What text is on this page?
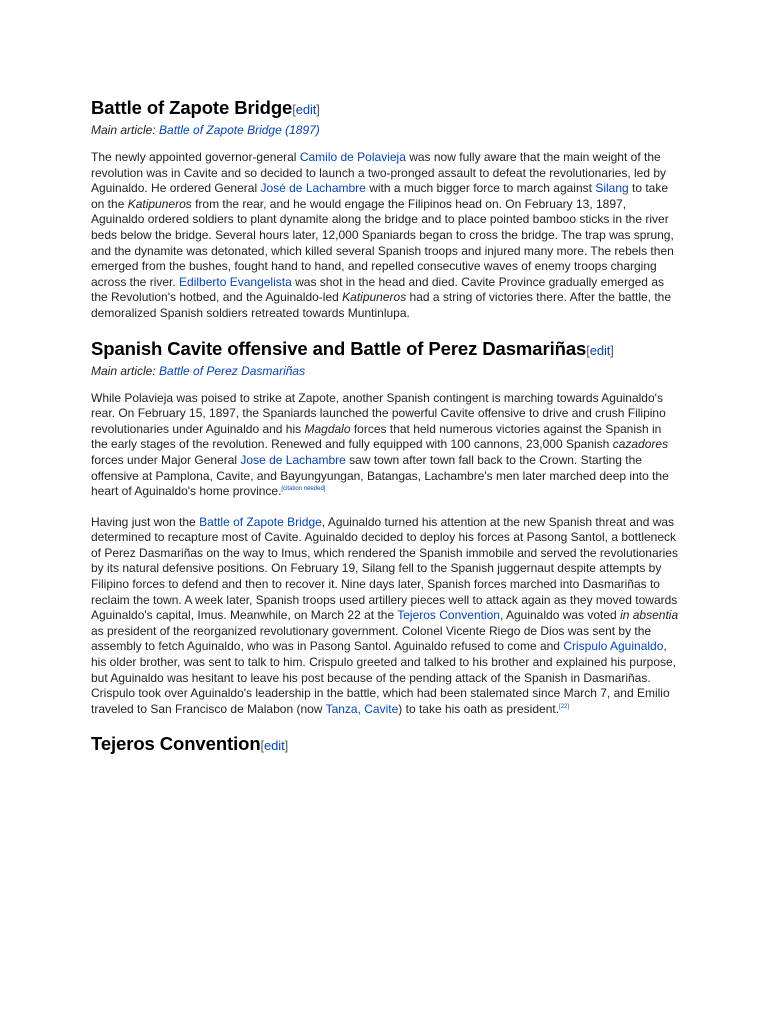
Battle of Zapote Bridge[edit]
Main article: Battle of Zapote Bridge (1897)

The newly appointed governor-general Camilo de Polavieja was now fully aware that the main weight of the revolution was in Cavite and so decided to launch a two-pronged assault to defeat the revolutionaries, led by Aguinaldo. He ordered General José de Lachambre with a much bigger force to march against Silang to take on the Katipuneros from the rear, and he would engage the Filipinos head on. On February 13, 1897, Aguinaldo ordered soldiers to plant dynamite along the bridge and to place pointed bamboo sticks in the river beds below the bridge. Several hours later, 12,000 Spaniards began to cross the bridge. The trap was sprung, and the dynamite was detonated, which killed several Spanish troops and injured many more. The rebels then emerged from the bushes, fought hand to hand, and repelled consecutive waves of enemy troops charging across the river. Edilberto Evangelista was shot in the head and died. Cavite Province gradually emerged as the Revolution's hotbed, and the Aguinaldo-led Katipuneros had a string of victories there. After the battle, the demoralized Spanish soldiers retreated towards Muntinlupa.

Spanish Cavite offensive and Battle of Perez Dasmariñas[edit]
Main article: Battle of Perez Dasmariñas

While Polavieja was poised to strike at Zapote, another Spanish contingent is marching towards Aguinaldo's rear. On February 15, 1897, the Spaniards launched the powerful Cavite offensive to drive and crush Filipino revolutionaries under Aguinaldo and his Magdalo forces that held numerous victories against the Spanish in the early stages of the revolution. Renewed and fully equipped with 100 cannons, 23,000 Spanish cazadores forces under Major General Jose de Lachambre saw town after town fall back to the Crown. Starting the offensive at Pamplona, Cavite, and Bayungyungan, Batangas, Lachambre's men later marched deep into the heart of Aguinaldo's home province.[citation needed]

Having just won the Battle of Zapote Bridge, Aguinaldo turned his attention at the new Spanish threat and was determined to recapture most of Cavite. Aguinaldo decided to deploy his forces at Pasong Santol, a bottleneck of Perez Dasmariñas on the way to Imus, which rendered the Spanish immobile and served the revolutionaries by its natural defensive positions. On February 19, Silang fell to the Spanish juggernaut despite attempts by Filipino forces to defend and then to recover it. Nine days later, Spanish forces marched into Dasmariñas to reclaim the town. A week later, Spanish troops used artillery pieces well to attack again as they moved towards Aguinaldo's capital, Imus. Meanwhile, on March 22 at the Tejeros Convention, Aguinaldo was voted in absentia as president of the reorganized revolutionary government. Colonel Vicente Riego de Dios was sent by the assembly to fetch Aguinaldo, who was in Pasong Santol. Aguinaldo refused to come and Crispulo Aguinaldo, his older brother, was sent to talk to him. Crispulo greeted and talked to his brother and explained his purpose, but Aguinaldo was hesitant to leave his post because of the pending attack of the Spanish in Dasmariñas. Crispulo took over Aguinaldo's leadership in the battle, which had been stalemated since March 7, and Emilio traveled to San Francisco de Malabon (now Tanza, Cavite) to take his oath as president.[22]

Tejeros Convention[edit]
